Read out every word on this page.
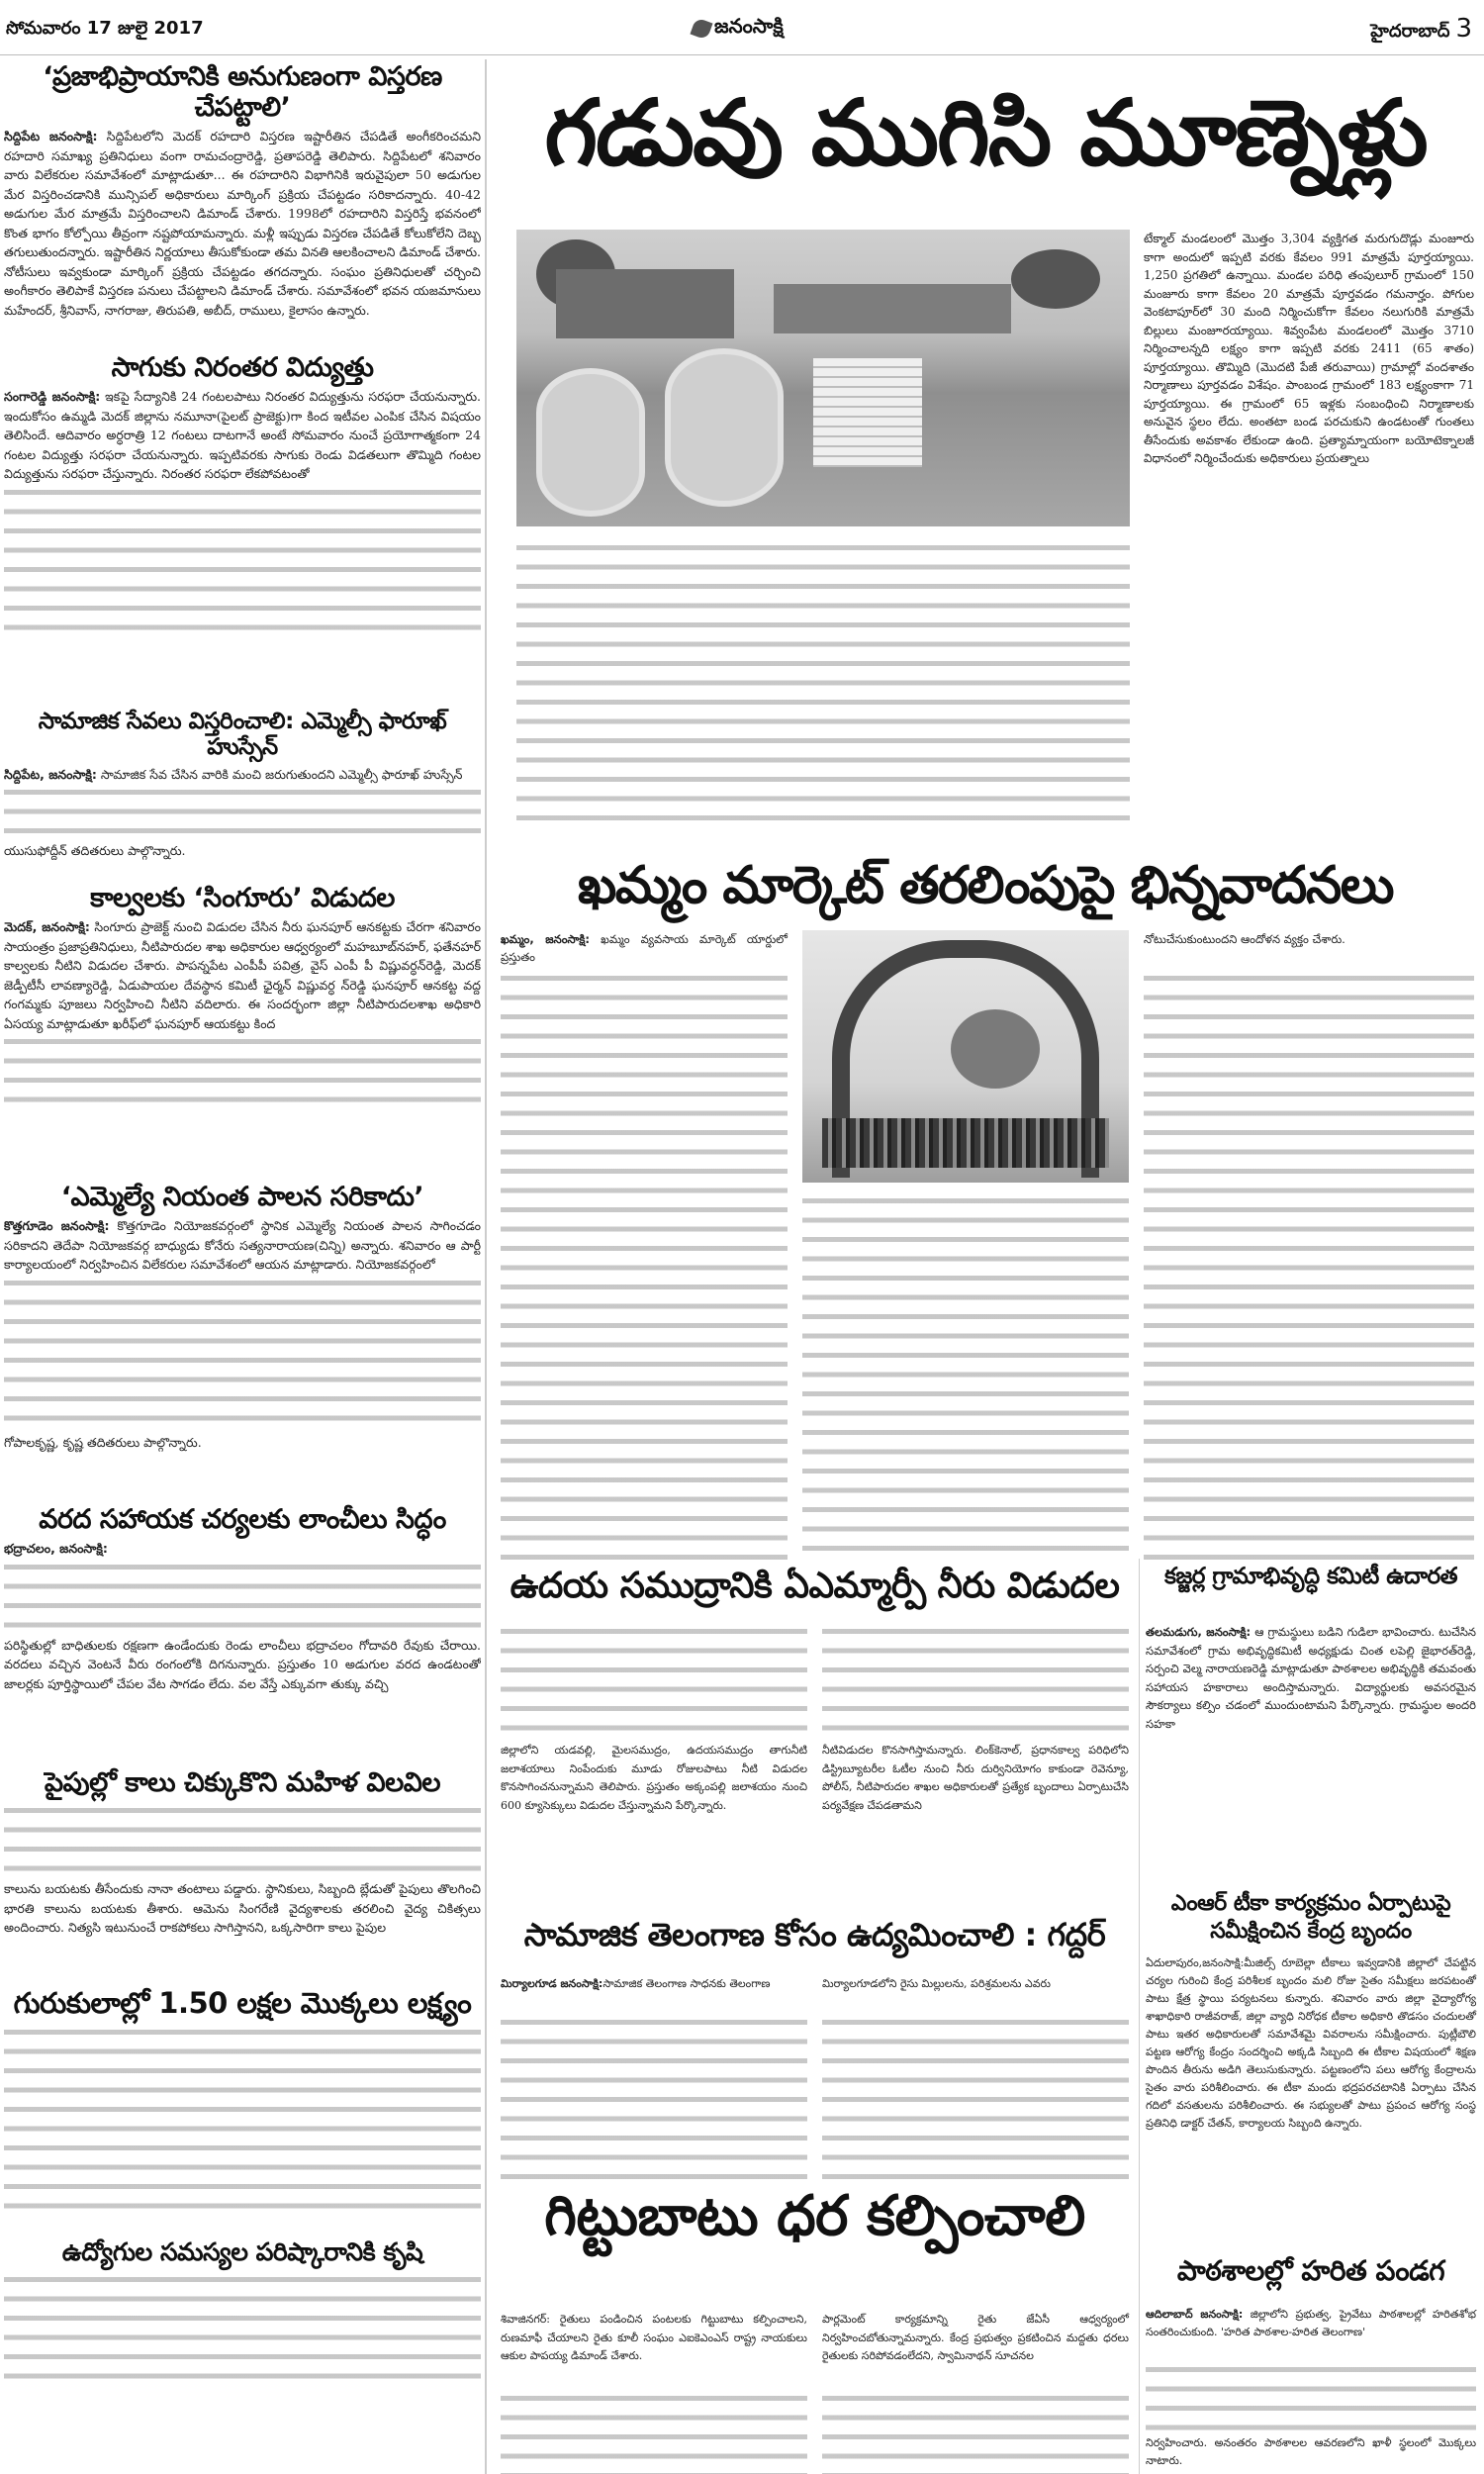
సోమవారం 17 జులై 2017	జనంసాక్షి	హైదరాబాద్ 3
‘ప్రజాభిప్రాయానికి అనుగుణంగా విస్తరణ చేపట్టాలి’
సిద్దిపేట జనంసాక్షి: సిద్దిపేటలోని మెదక్ రహదారి విస్తరణ ఇష్టారీతిన చేపడితే అంగీకరించమని రహదారి సమాఖ్య ప్రతినిధులు వంగా రామచంద్రారెడ్డి, ప్రతాపరెడ్డి తెలిపారు. సిద్దిపేటలో శనివారం వారు విలేకరుల సమావేశంలో మాట్లాడుతూ... ఈ రహదారిని విభాగినికి ఇరువైపులా 50 అడుగుల మేర విస్తరించడానికి మున్సిపల్ అధికారులు మార్కింగ్ ప్రక్రియ చేపట్టడం సరికాదన్నారు. 40-42 అడుగుల మేర మాత్రమే విస్తరించాలని డిమాండ్ చేశారు. 1998లో రహదారిని విస్తరిస్తే భవనంలో కొంత భాగం కోల్పోయి తీవ్రంగా నష్టపోయామన్నారు. మళ్లీ ఇప్పుడు విస్తరణ చేపడితే కోలుకోలేని దెబ్బ తగులుతుందన్నారు. ఇష్టారీతిన నిర్ణయాలు తీసుకోకుండా తమ వినతి ఆలకించాలని డిమాండ్ చేశారు. నోటీసులు ఇవ్వకుండా మార్కింగ్ ప్రక్రియ చేపట్టడం తగదన్నారు. సంఘం ప్రతినిధులతో చర్చించి అంగీకారం తెలిపాకే విస్తరణ పనులు చేపట్టాలని డిమాండ్ చేశారు. సమావేశంలో భవన యజమానులు మహేందర్, శ్రీనివాస్, నాగరాజు, తిరుపతి, అబీద్, రాములు, కైలాసం ఉన్నారు.
సాగుకు నిరంతర విద్యుత్తు
సంగారెడ్డి జనంసాక్షి: ఇకపై సేద్యానికి 24 గంటలపాటు నిరంతర విద్యుత్తును సరఫరా చేయనున్నారు. ఇందుకోసం ఉమ్మడి మెదక్ జిల్లాను నమూనా(పైలట్ ప్రాజెక్టు)గా కింద ఇటీవల ఎంపిక చేసిన విషయం తెలిసిందే. ఆదివారం అర్ధరాత్రి 12 గంటలు దాటగానే అంటే సోమవారం నుంచే ప్రయోగాత్మకంగా 24 గంటల విద్యుత్తు సరఫరా చేయనున్నారు. ఇప్పటివరకు సాగుకు రెండు విడతలుగా తొమ్మిది గంటల విద్యుత్తును సరఫరా చేస్తున్నారు. నిరంతర సరఫరా లేకపోవటంతో
సామాజిక సేవలు విస్తరించాలి: ఎమ్మెల్సీ ఫారూఖ్ హుస్సేన్
సిద్దిపేట, జనంసాక్షి: సామాజిక సేవ చేసిన వారికి మంచి జరుగుతుందని ఎమ్మెల్సీ ఫారూఖ్ హుస్సేన్
యుసుఫోద్దీన్ తదితరులు పాల్గొన్నారు.
కాల్వలకు ‘సింగూరు’ విడుదల
మెదక్, జనంసాక్షి: సింగూరు ప్రాజెక్ట్ నుంచి విడుదల చేసిన నీరు ఘనపూర్ ఆనకట్టకు చేరగా శనివారం సాయంత్రం ప్రజాప్రతినిధులు, నీటిపారుదల శాఖ అధికారుల ఆధ్వర్యంలో మహబూబ్‌నహర్, ఫతేనహర్ కాల్వలకు నీటిని విడుదల చేశారు. పాపన్నపేట ఎంపీపీ పవిత్ర, వైస్ ఎంపీ పీ విష్ణువర్ధన్‌రెడ్డి, మెదక్ జెడ్పీటీసీ లావణ్యారెడ్డి, ఏడుపాయల దేవస్థాన కమిటీ ఛైర్మన్ విష్ణువర్ధ న్‌రెడ్డి ఘనపూర్ ఆనకట్ట వద్ద గంగమ్మకు పూజలు నిర్వహించి నీటిని వదిలారు. ఈ సందర్భంగా జిల్లా నీటిపారుదలశాఖ అధికారి ఏసయ్య మాట్లాడుతూ ఖరీఫ్‌లో ఘనపూర్ ఆయకట్టు కింద
‘ఎమ్మెల్యే నియంత పాలన సరికాదు’
కొత్తగూడెం జనంసాక్షి: కొత్తగూడెం నియోజకవర్గంలో స్థానిక ఎమ్మెల్యే నియంత పాలన సాగించడం సరికాదని తెదేపా నియోజకవర్గ బాధ్యుడు కోనేరు సత్యనారాయణ(చిన్ని) అన్నారు. శనివారం ఆ పార్టీ కార్యాలయంలో నిర్వహించిన విలేకరుల సమావేశంలో ఆయన మాట్లాడారు. నియోజకవర్గంలో
గోపాలకృష్ణ, కృష్ణ తదితరులు పాల్గొన్నారు.
వరద సహాయక చర్యలకు లాంచీలు సిద్ధం
భద్రాచలం, జనంసాక్షి:
పరిస్థితుల్లో బాధితులకు రక్షణగా ఉండేందుకు రెండు లాంచీలు భద్రాచలం గోదావరి రేవుకు చేరాయి. వరదలు వచ్చిన వెంటనే వీరు రంగంలోకి దిగనున్నారు. ప్రస్తుతం 10 అడుగుల వరద ఉండటంతో జాలర్లకు పూర్తిస్థాయిలో చేపల వేట సాగడం లేదు. వల వేస్తే ఎక్కువగా తుక్కు వచ్చి
పైపుల్లో కాలు చిక్కుకొని మహిళ విలవిల
కాలును బయటకు తీసేందుకు నానా తంటాలు పడ్డారు. స్థానికులు, సిబ్బంది బ్లేడుతో పైపులు తొలగించి భారతి కాలును బయటకు తీశారు. ఆమెను సింగరేణి వైద్యశాలకు తరలించి వైద్య చికిత్సలు అందించారు. నిత్యసి ఇటునుంచే రాకపోకలు సాగిస్తానని, ఒక్కసారిగా కాలు పైపుల
గురుకులాల్లో 1.50 లక్షల మొక్కలు లక్ష్యం
ఉద్యోగుల సమస్యల పరిష్కారానికి కృషి
గడువు ముగిసి మూణ్నెళ్లు
టేక్మాల్ మండలంలో మొత్తం 3,304 వ్యక్తిగత మరుగుదొడ్లు మంజూరు కాగా అందులో ఇప్పటి వరకు కేవలం 991 మాత్రమే పూర్తయ్యాయి. 1,250 ప్రగతిలో ఉన్నాయి. మండల పరిధి తంపులూర్ గ్రామంలో 150 మంజూరు కాగా కేవలం 20 మాత్రమే పూర్తవడం గమనార్హం. పోగుల వెంకటాపూర్‌లో 30 మంది నిర్మించుకోగా కేవలం నలుగురికి మాత్రమే బిల్లులు మంజూరయ్యాయి. శివ్వంపేట మండలంలో మొత్తం 3710 నిర్మించాలన్నది లక్ష్యం కాగా ఇప్పటి వరకు 2411 (65 శాతం) పూర్తయ్యాయి. తొమ్మిది (మొదటి పేజీ తరువాయి) గ్రామాల్లో వందశాతం నిర్మాణాలు పూర్తవడం విశేషం. పాంబండ గ్రామంలో 183 లక్ష్యంకాగా 71 పూర్తయ్యాయి. ఈ గ్రామంలో 65 ఇళ్లకు సంబంధించి నిర్మాణాలకు అనువైన స్థలం లేదు. అంతటా బండ పరచుకుని ఉండటంతో గుంతలు తీసేందుకు అవకాశం లేకుండా ఉంది. ప్రత్యామ్నాయంగా బయోటెక్నాలజీ విధానంలో నిర్మించేందుకు అధికారులు ప్రయత్నాలు
ఖమ్మం మార్కెట్ తరలింపుపై భిన్నవాదనలు
ఖమ్మం, జనంసాక్షి: ఖమ్మం వ్యవసాయ మార్కెట్ యార్డులో ప్రస్తుతం
నోటుచేసుకుంటుందని ఆందోళన వ్యక్తం చేశారు.
ఉదయ సముద్రానికి ఏఎమ్మార్పీ నీరు విడుదల
జిల్లాలోని యడవల్లి, మైలసముద్రం, ఉదయసముద్రం తాగునీటి జలాశయాలు నింపేందుకు మూడు రోజులపాటు నీటి విడుదల కొనసాగించనున్నామని తెలిపారు. ప్రస్తుతం అక్కంపల్లి జలాశయం నుంచి 600 క్యూసెక్కులు విడుదల చేస్తున్నామని పేర్కొన్నారు.
నీటివిడుదల కొనసాగిస్తామన్నారు. లింక్‌కెనాల్, ప్రధానకాల్వ పరిధిలోని డిస్ట్రిబ్యూటరీల ఓటీల నుంచి నీరు దుర్వినియోగం కాకుండా రెవెన్యూ, పోలీస్, నీటిపారుదల శాఖల అధికారులతో ప్రత్యేక బృందాలు ఏర్పాటుచేసి పర్యవేక్షణ చేపడతామని
కజ్జర్ల గ్రామాభివృద్ధి కమిటీ ఉదారత
తలమడుగు, జనంసాక్షి: ఆ గ్రామస్థులు బడిని గుడిలా భావించారు. టుచేసిన సమావేశంలో గ్రామ అభివృద్ధికమిటీ అధ్యక్షుడు చింత లపెల్లి జైభారత్‌రెడ్డి, సర్పంచి వెల్మ నారాయణరెడ్డి మాట్లాడుతూ పాఠశాలల అభివృద్ధికి తమవంతు సహాయస హకారాలు అందిస్తామన్నారు. విద్యార్థులకు అవసరమైన సౌకర్యాలు కల్పిం చడంలో ముందుంటామని పేర్కొన్నారు. గ్రామస్థుల అందరి సహకా
సామాజిక తెలంగాణ కోసం ఉద్యమించాలి : గద్దర్
మిర్యాలగూడ జనంసాక్షి:సామాజిక తెలంగాణ సాధనకు తెలంగాణ	మిర్యాలగూడలోని రైసు మిల్లులను, పరిశ్రమలను ఎవరు
ఎంఆర్ టీకా కార్యక్రమం ఏర్పాటుపై సమీక్షించిన కేంద్ర బృందం
ఏదులాపురం,జనంసాక్షి:మీజిల్స్ రూబెల్లా టీకాలు ఇవ్వడానికి జిల్లాలో చేపట్టిన చర్యల గురించి కేంద్ర పరిశీలక బృందం మలి రోజు సైతం సమీక్షలు జరపటంతో పాటు క్షేత్ర స్థాయి పర్యటనలు కున్నారు. శనివారం వారు జిల్లా వైద్యారోగ్య శాఖాధికారి రాజీవరాజ్, జిల్లా వ్యాధి నిరోధక టీకాల అధికారి తొడసం చందులతో పాటు ఇతర అధికారులతో సమావేశమై వివరాలను సమీక్షించారు. పుట్లీబౌలి పట్టణ ఆరోగ్య కేంద్రం సందర్శించి అక్కడి సిబ్బంది ఈ టీకాల విషయంలో శిక్షణ పొందిన తీరును అడిగి తెలుసుకున్నారు. పట్టణంలోని పలు ఆరోగ్య కేంద్రాలను సైతం వారు పరిశీలించారు. ఈ టీకా మందు భద్రపరచటానికి ఏర్పాటు చేసిన గదిలో వసతులను పరిశీలించారు. ఈ సభ్యులతో పాటు ప్రపంచ ఆరోగ్య సంస్థ ప్రతినిధి డాక్టర్ చేతన్, కార్యాలయ సిబ్బంది ఉన్నారు.
గిట్టుబాటు ధర కల్పించాలి
శివాజినగర్: రైతులు పండించిన పంటలకు గిట్టుబాటు కల్పించాలని, రుణమాఫీ చేయాలని రైతు కూలీ సంఘం ఎఐకెఎంఎస్ రాష్ట్ర నాయకులు ఆకుల పాపయ్య డిమాండ్ చేశారు.
పార్లమెంట్ కార్యక్రమాన్ని రైతు జేఏసీ ఆధ్వర్యంలో నిర్వహించబోతున్నామన్నారు. కేంద్ర ప్రభుత్వం ప్రకటించిన మద్దతు ధరలు రైతులకు సరిపోవడంలేదని, స్వామినాథన్ సూచనల
పాఠశాలల్లో హరిత పండగ
ఆదిలాబాద్ జనంసాక్షి: జిల్లాలోని ప్రభుత్వ, ప్రైవేటు పాఠశాలల్లో హరితశోభ సంతరించుకుంది. 'హరిత పాఠశాల-హరిత తెలంగాణ'
నిర్వహించారు. అనంతరం పాఠశాలల ఆవరణలోని ఖాళీ స్థలంలో మొక్కలు నాటారు.
